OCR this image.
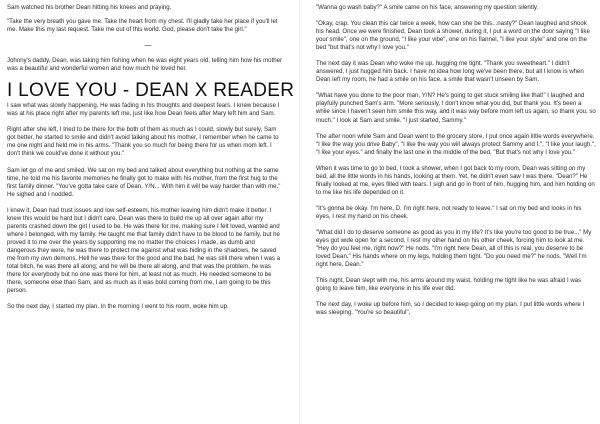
Sam watched his brother Dean hitting his knees and praying.

"Take the very breath you gave me. Take the heart from my chest. I'll gladly take her place if you'll let me. Make this my last request. Take me out of this world. God, please don't take the girl."

—

Johnny's daddy, Dean, was taking him fishing when he was eight years old, telling him how his mother was a beautiful and wonderful women and how much he loved her.

I LOVE YOU - DEAN X READER

I saw what was slowly happening. He was fading in his thoughts and deepest fears. I knew because I was at his place right after my parents left me, just like how Dean feels after Mary left him and Sam.

Right after she left, I tried to be there for the both of them as much as I could, slowly but surely, Sam got better, he started to smile and didn't avoid talking about his mother, I remember when he came to me one night and held me in his arms. "Thank you so much for being there for us when mom left. I don't think we could've done it without you."

Sam let go of me and smiled. We sat on my bed and talked about everything but nothing at the same time, he told me his favorite memories he finally got to make with his mother, from the first hug to the first family dinner. "You've gotta take care of Dean, Y/N... With him it will be way harder than with me." He sighed and I nodded.

I knew it, Dean had trust issues and low self-esteem, his mother leaving him didn't make it better. I knew this would be hard but I didn't care. Dean was there to build me up all over again after my parents crashed down the girl I used to be. He was there for me, making sure I felt loved, wanted and where I belonged, with my family. He taught me that family didn't have to be blood to be family, but he proved it to me over the years by supporting me no matter the choices I made, as dumb and dangerous they were, he was there to protect me against what was hiding in the shadows, he saved me from my own demons. Hell he was there for the good and the bad, he was still there when I was a total bitch, he was there all along; and he will be there all along, and that was the problem, he was there for everybody but no one was there for him, at least not as much. He needed someone to be there, someone else than Sam, and as much as it was bold coming from me, I am going to be this person.

So the next day, I started my plan. In the morning I went to his room, woke him up.

"Wanna go wash baby?" A smile came on his face, answering my question silently.

"Okay, crap. You clean this car twice a week, how can she be this...nasty?" Dean laughed and shook his head. Once we were finished, Dean took a shower, during it, I put a word on the door saying "I like your smile", one on the ground, "I like your vibe", one on his flannel, "I like your style" and one on the bed "but that's not why I love you."

The next day it was Dean who woke me up, hugging me tight. "Thank you sweetheart." I didn't answered, I just hugged him back. I have no idea how long we've been there, but all I know is when Dean left my room, he had a smile on his face, a smile that wasn't unseen by Sam.

"What have you done to the poor man, Y/N? He's going to get stuck smiling like that!" I laughed and playfully punched Sam's arm. "More seriously, I don't know what you did, but thank you. It's been a while since I haven't seen him smile this way, and it was way before mom left us again, so thank you, so much." I look at Sam and smile. "I just started, Sammy."

The after noon while Sam and Dean went to the grocery store, I put once again little words everywhere. "I like the way you drive Baby", "I like the way you will always protect Sammy and I.", "I like your laugh.", "I like your eyes." and finally the last one in the middle of the bed, "But that's not why I love you."

When it was time to go to bed, I took a shower, when I got back to my room, Dean was sitting on my bed, all the little words in his hands, looking at them. Yet, he didn't even saw I was there. "Dean?" He finally looked at me, eyes filled with tears. I sigh and go in front of him, hugging him, and him holding on to me like his life depended on it.

"It's gonna be okay. I'm here, D. I'm right here, not ready to leave." I sat on my bed and looks in his eyes, I rest my hand on his cheek.

"What did I do to deserve someone as good as you in my life? It's like you're too good to be true..." My eyes got wide open for a second, I rest my other hand on his other cheek, forcing him to look at me. "Hey do you feel me, right now?" He nods. "I'm right here Dean, all of this is real, you deserve to be loved Dean." His hands where on my legs, holding them tight. "Do you need me?" he nods. "Well I'm right here, Dean."

This night, Dean slept with me, his arms around my waist, holding me tight like he was afraid I was going to leave him, like everyone in his life ever did.

The next day, I woke up before him, so I decided to keep going on my plan. I put little words where I was sleeping. "You're so beautiful",
